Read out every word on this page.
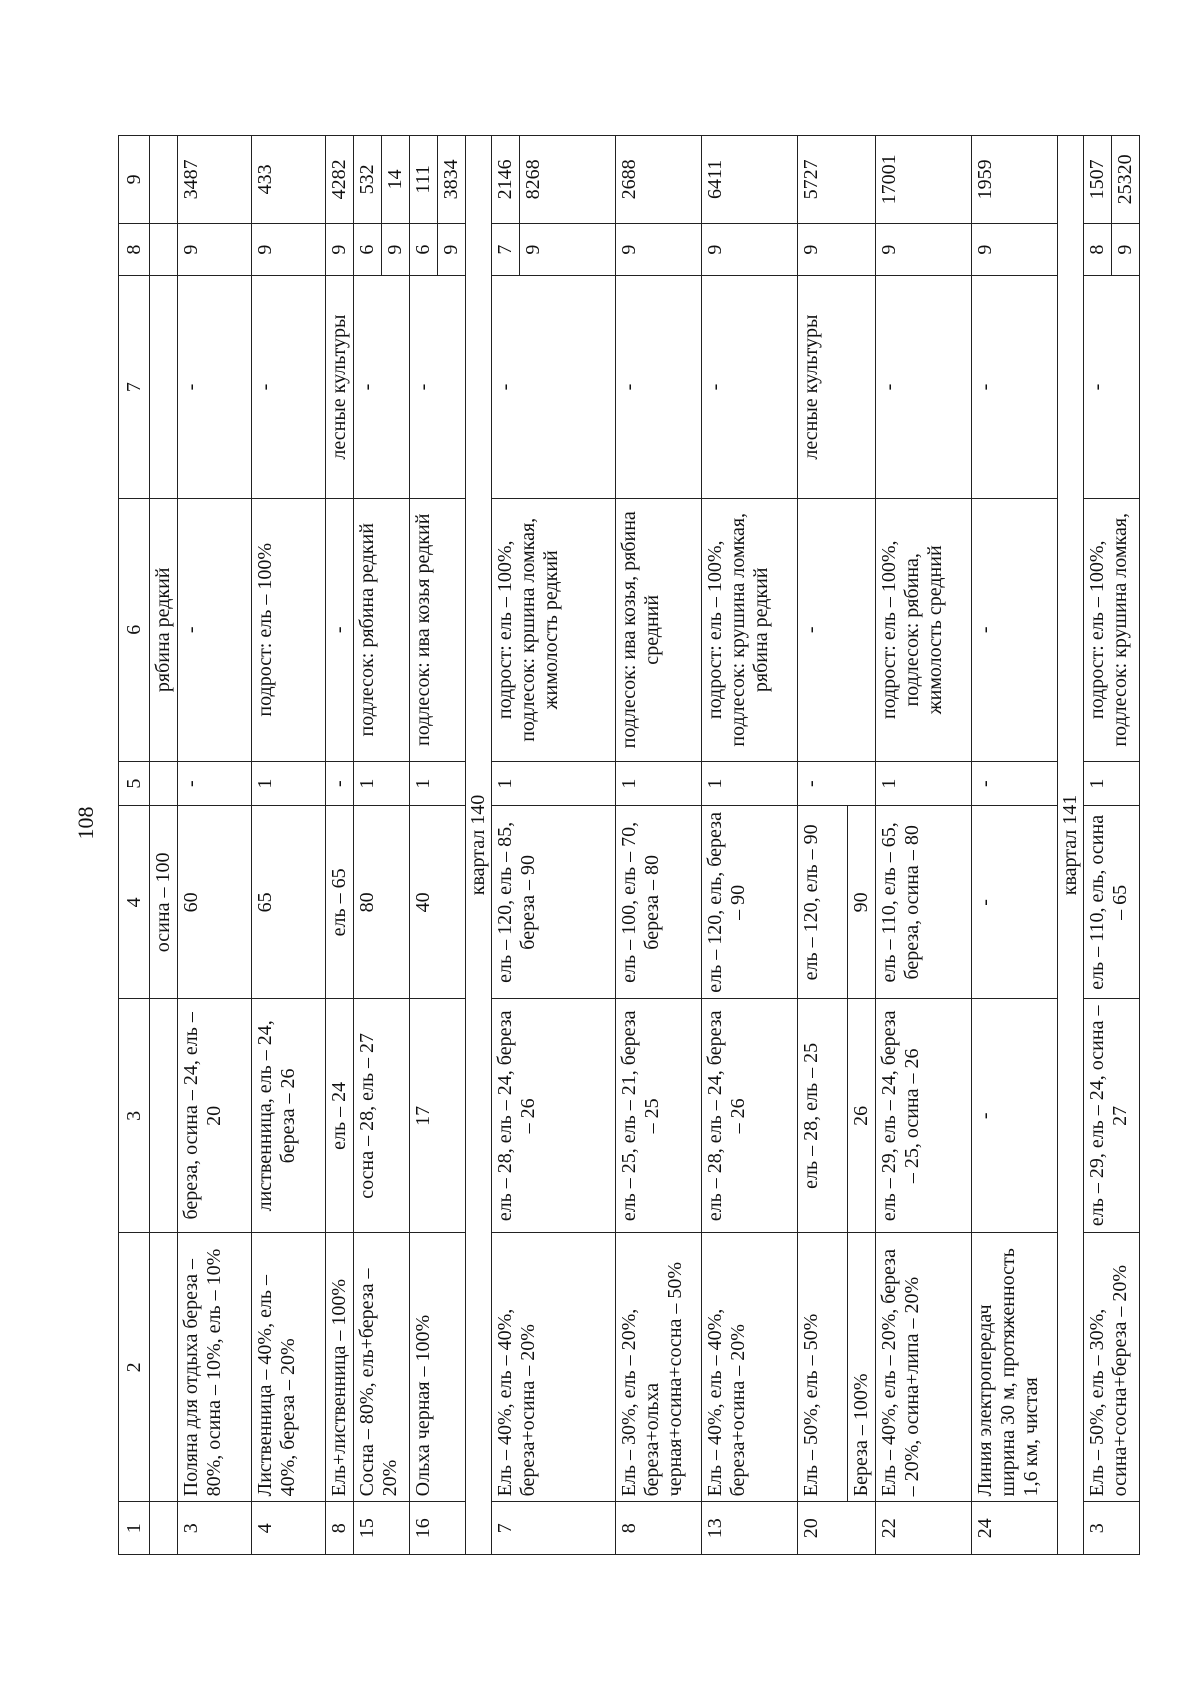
108
1	2	3	4	5	6	7	8	9
			осина – 100		рябина редкий			
3	Поляна для отдыха береза – 80%, осина – 10%, ель – 10%	береза, осина – 24, ель – 20	60	-	-	-	9	3487
4	Лиственница – 40%, ель – 40%, береза – 20%	лиственница, ель – 24, береза – 26	65	1	подрост: ель – 100%	-	9	433
8	Ель+лиственница – 100%	ель – 24	ель – 65	-	-	лесные культуры	9	4282
15	Сосна – 80%, ель+береза – 20%	сосна – 28, ель – 27	80	1	подлесок: рябина редкий	-	6	532
							9	14
16	Ольха черная – 100%	17	40	1	подлесок: ива козья редкий	-	6	111
							9	3834
квартал 140								
7	Ель – 40%, ель – 40%, береза+осина – 20%	ель – 28, ель – 24, береза – 26	ель – 120, ель – 85, береза – 90	1	подрост: ель – 100%, подлесок: кршина ломкая, жимолость редкий	-	7	2146
							9	8268
8	Ель – 30%, ель – 20%, береза+ольха черная+осина+сосна – 50%	ель – 25, ель – 21, береза – 25	ель – 100, ель – 70, береза – 80	1	подлесок: ива козья, рябина средний	-	9	2688
13	Ель – 40%, ель – 40%, береза+осина – 20%	ель – 28, ель – 24, береза – 26	ель – 120, ель, береза – 90	1	подрост: ель – 100%, подлесок: крушина ломкая, рябина редкий	-	9	6411
20	Ель – 50%, ель – 50%	ель – 28, ель – 25	ель – 120, ель – 90	-	-	лесные культуры	9	5727
	Береза – 100%	26	90					
22	Ель – 40%, ель – 20%, береза – 20%, осина+липа – 20%	ель – 29, ель – 24, береза – 25, осина – 26	ель – 110, ель – 65, береза, осина – 80	1	подрост: ель – 100%, подлесок: рябина, жимолость средний	-	9	17001
24	Линия электропередач ширина 30 м, протяженность 1,6 км, чистая	-	-	-	-	-	9	1959
квартал 141								
3	Ель – 50%, ель – 30%, осина+сосна+береза – 20%	ель – 29, ель – 24, осина – 27	ель – 110, ель, осина – 65	1	подрост: ель – 100%, подлесок: крушина ломкая,	-	8	1507
							9	25320
